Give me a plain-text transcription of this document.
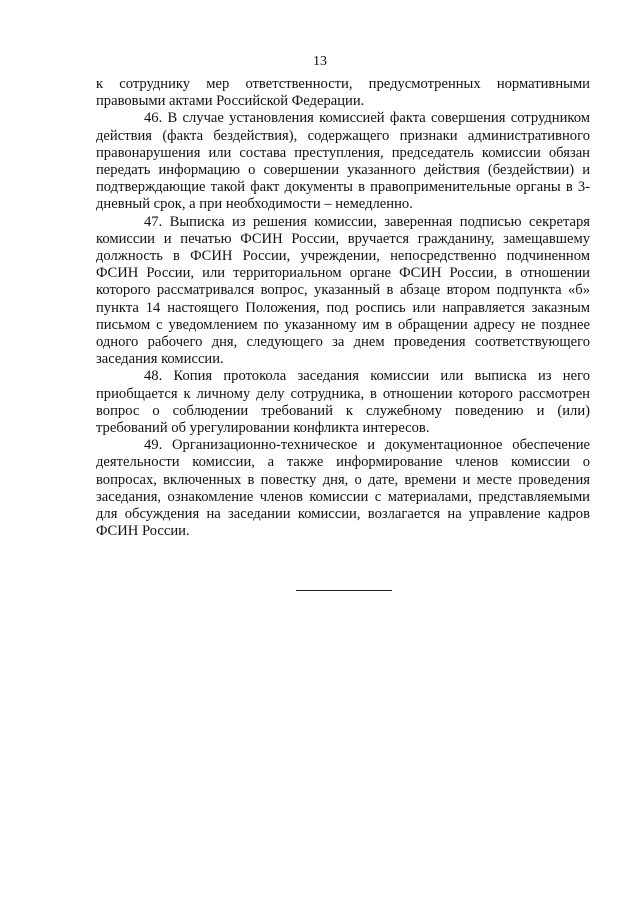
13

к сотруднику мер ответственности, предусмотренных нормативными правовыми актами Российской Федерации.

46. В случае установления комиссией факта совершения сотрудником действия (факта бездействия), содержащего признаки административного правонарушения или состава преступления, председатель комиссии обязан передать информацию о совершении указанного действия (бездействии) и подтверждающие такой факт документы в правоприменительные органы в 3-дневный срок, а при необходимости – немедленно.

47. Выписка из решения комиссии, заверенная подписью секретаря комиссии и печатью ФСИН России, вручается гражданину, замещавшему должность в ФСИН России, учреждении, непосредственно подчиненном ФСИН России, или территориальном органе ФСИН России, в отношении которого рассматривался вопрос, указанный в абзаце втором подпункта «б» пункта 14 настоящего Положения, под роспись или направляется заказным письмом с уведомлением по указанному им в обращении адресу не позднее одного рабочего дня, следующего за днем проведения соответствующего заседания комиссии.

48. Копия протокола заседания комиссии или выписка из него приобщается к личному делу сотрудника, в отношении которого рассмотрен вопрос о соблюдении требований к служебному поведению и (или) требований об урегулировании конфликта интересов.

49. Организационно-техническое и документационное обеспечение деятельности комиссии, а также информирование членов комиссии о вопросах, включенных в повестку дня, о дате, времени и месте проведения заседания, ознакомление членов комиссии с материалами, представляемыми для обсуждения на заседании комиссии, возлагается на управление кадров ФСИН России.
